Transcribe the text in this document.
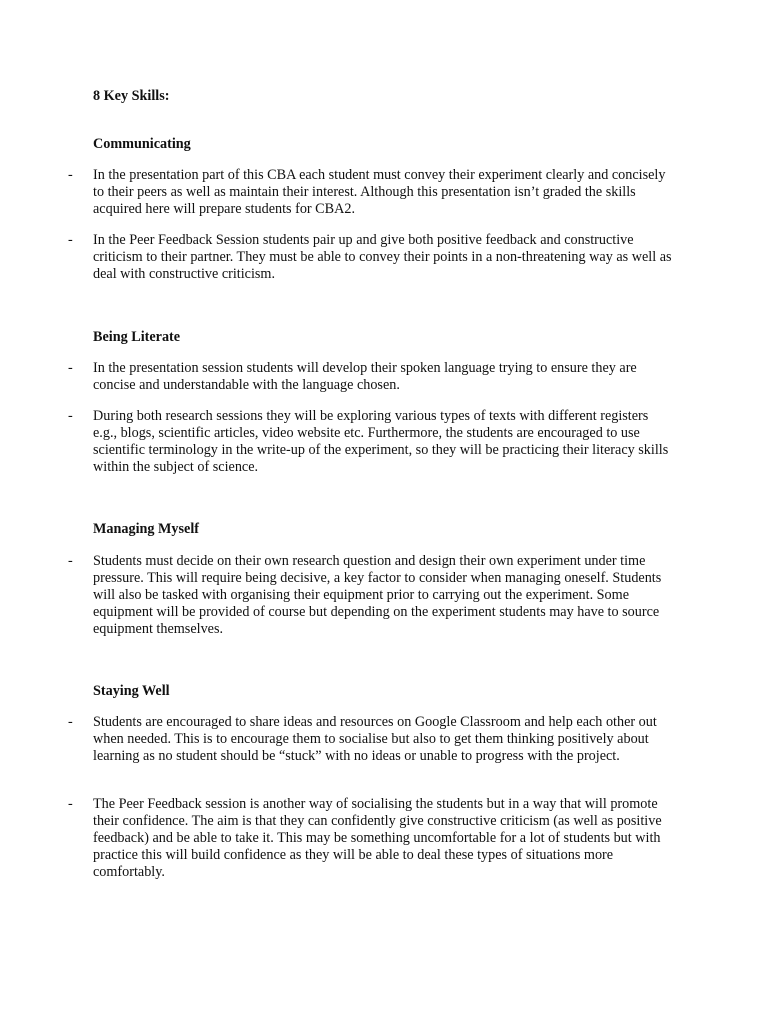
8 Key Skills:

Communicating

- In the presentation part of this CBA each student must convey their experiment clearly and concisely to their peers as well as maintain their interest. Although this presentation isn’t graded the skills acquired here will prepare students for CBA2.
- In the Peer Feedback Session students pair up and give both positive feedback and constructive criticism to their partner. They must be able to convey their points in a non-threatening way as well as deal with constructive criticism.

Being Literate

- In the presentation session students will develop their spoken language trying to ensure they are concise and understandable with the language chosen.
- During both research sessions they will be exploring various types of texts with different registers e.g., blogs, scientific articles, video website etc. Furthermore, the students are encouraged to use scientific terminology in the write-up of the experiment, so they will be practicing their literacy skills within the subject of science.

Managing Myself

- Students must decide on their own research question and design their own experiment under time pressure. This will require being decisive, a key factor to consider when managing oneself. Students will also be tasked with organising their equipment prior to carrying out the experiment. Some equipment will be provided of course but depending on the experiment students may have to source equipment themselves.

Staying Well

- Students are encouraged to share ideas and resources on Google Classroom and help each other out when needed. This is to encourage them to socialise but also to get them thinking positively about learning as no student should be “stuck” with no ideas or unable to progress with the project.
- The Peer Feedback session is another way of socialising the students but in a way that will promote their confidence. The aim is that they can confidently give constructive criticism (as well as positive feedback) and be able to take it. This may be something uncomfortable for a lot of students but with practice this will build confidence as they will be able to deal these types of situations more comfortably.
